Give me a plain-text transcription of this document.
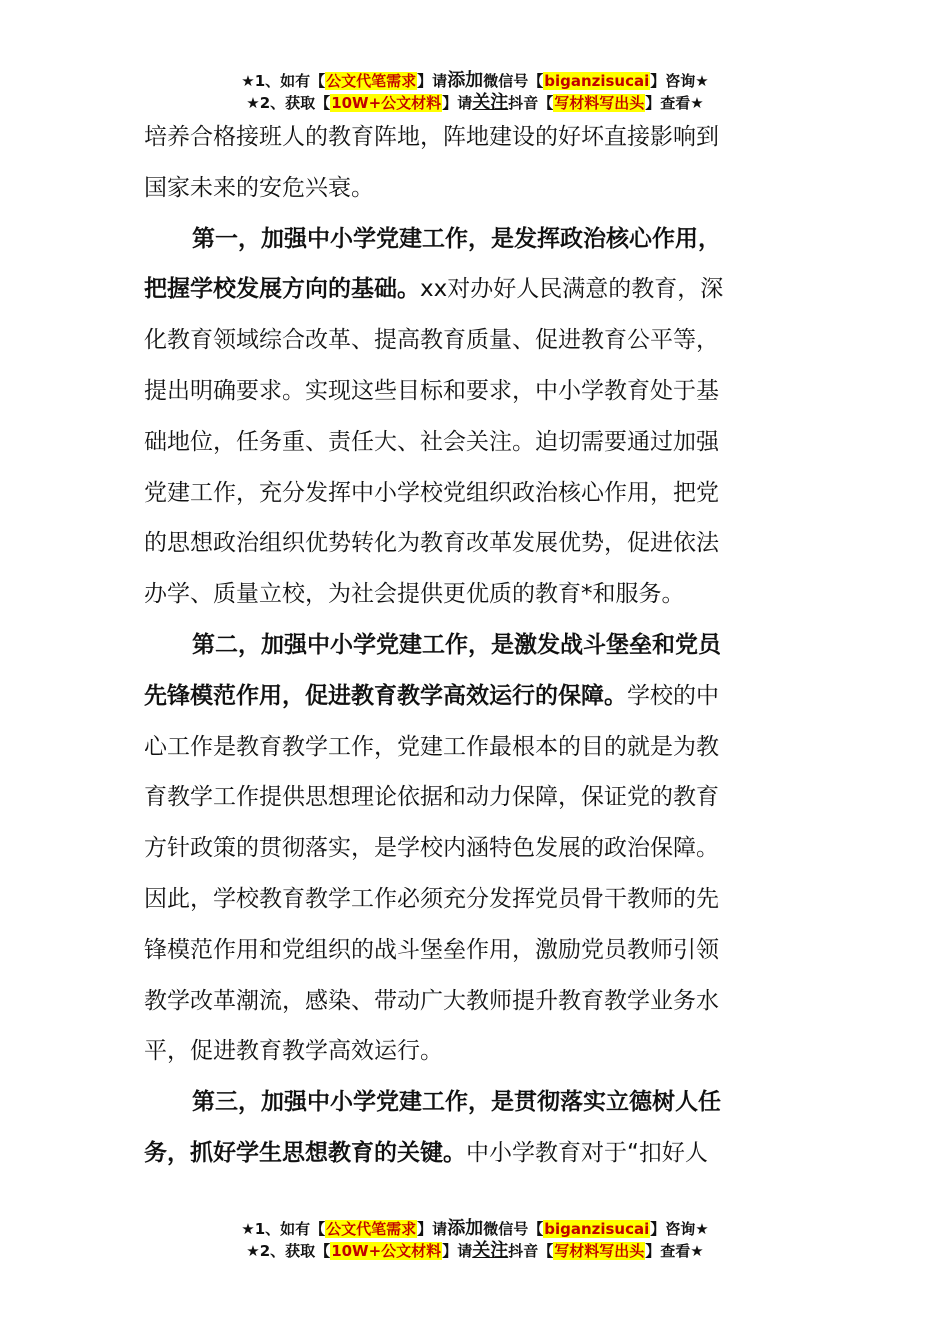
★1、如有【公文代笔需求】请添加微信号【biganzisucai】咨询★
★2、获取【10W+公文材料】请关注抖音【写材料写出头】查看★
培养合格接班人的教育阵地，阵地建设的好坏直接影响到
国家未来的安危兴衰。
第一，加强中小学党建工作，是发挥政治核心作用，
把握学校发展方向的基础。xx对办好人民满意的教育，深
化教育领域综合改革、提高教育质量、促进教育公平等，
提出明确要求。实现这些目标和要求，中小学教育处于基
础地位，任务重、责任大、社会关注。迫切需要通过加强
党建工作，充分发挥中小学校党组织政治核心作用，把党
的思想政治组织优势转化为教育改革发展优势，促进依法
办学、质量立校，为社会提供更优质的教育*和服务。
第二，加强中小学党建工作，是激发战斗堡垒和党员
先锋模范作用，促进教育教学高效运行的保障。学校的中
心工作是教育教学工作，党建工作最根本的目的就是为教
育教学工作提供思想理论依据和动力保障，保证党的教育
方针政策的贯彻落实，是学校内涵特色发展的政治保障。
因此，学校教育教学工作必须充分发挥党员骨干教师的先
锋模范作用和党组织的战斗堡垒作用，激励党员教师引领
教学改革潮流，感染、带动广大教师提升教育教学业务水
平，促进教育教学高效运行。
第三，加强中小学党建工作，是贯彻落实立德树人任
务，抓好学生思想教育的关键。中小学教育对于“扣好人
★1、如有【公文代笔需求】请添加微信号【biganzisucai】咨询★
★2、获取【10W+公文材料】请关注抖音【写材料写出头】查看★
